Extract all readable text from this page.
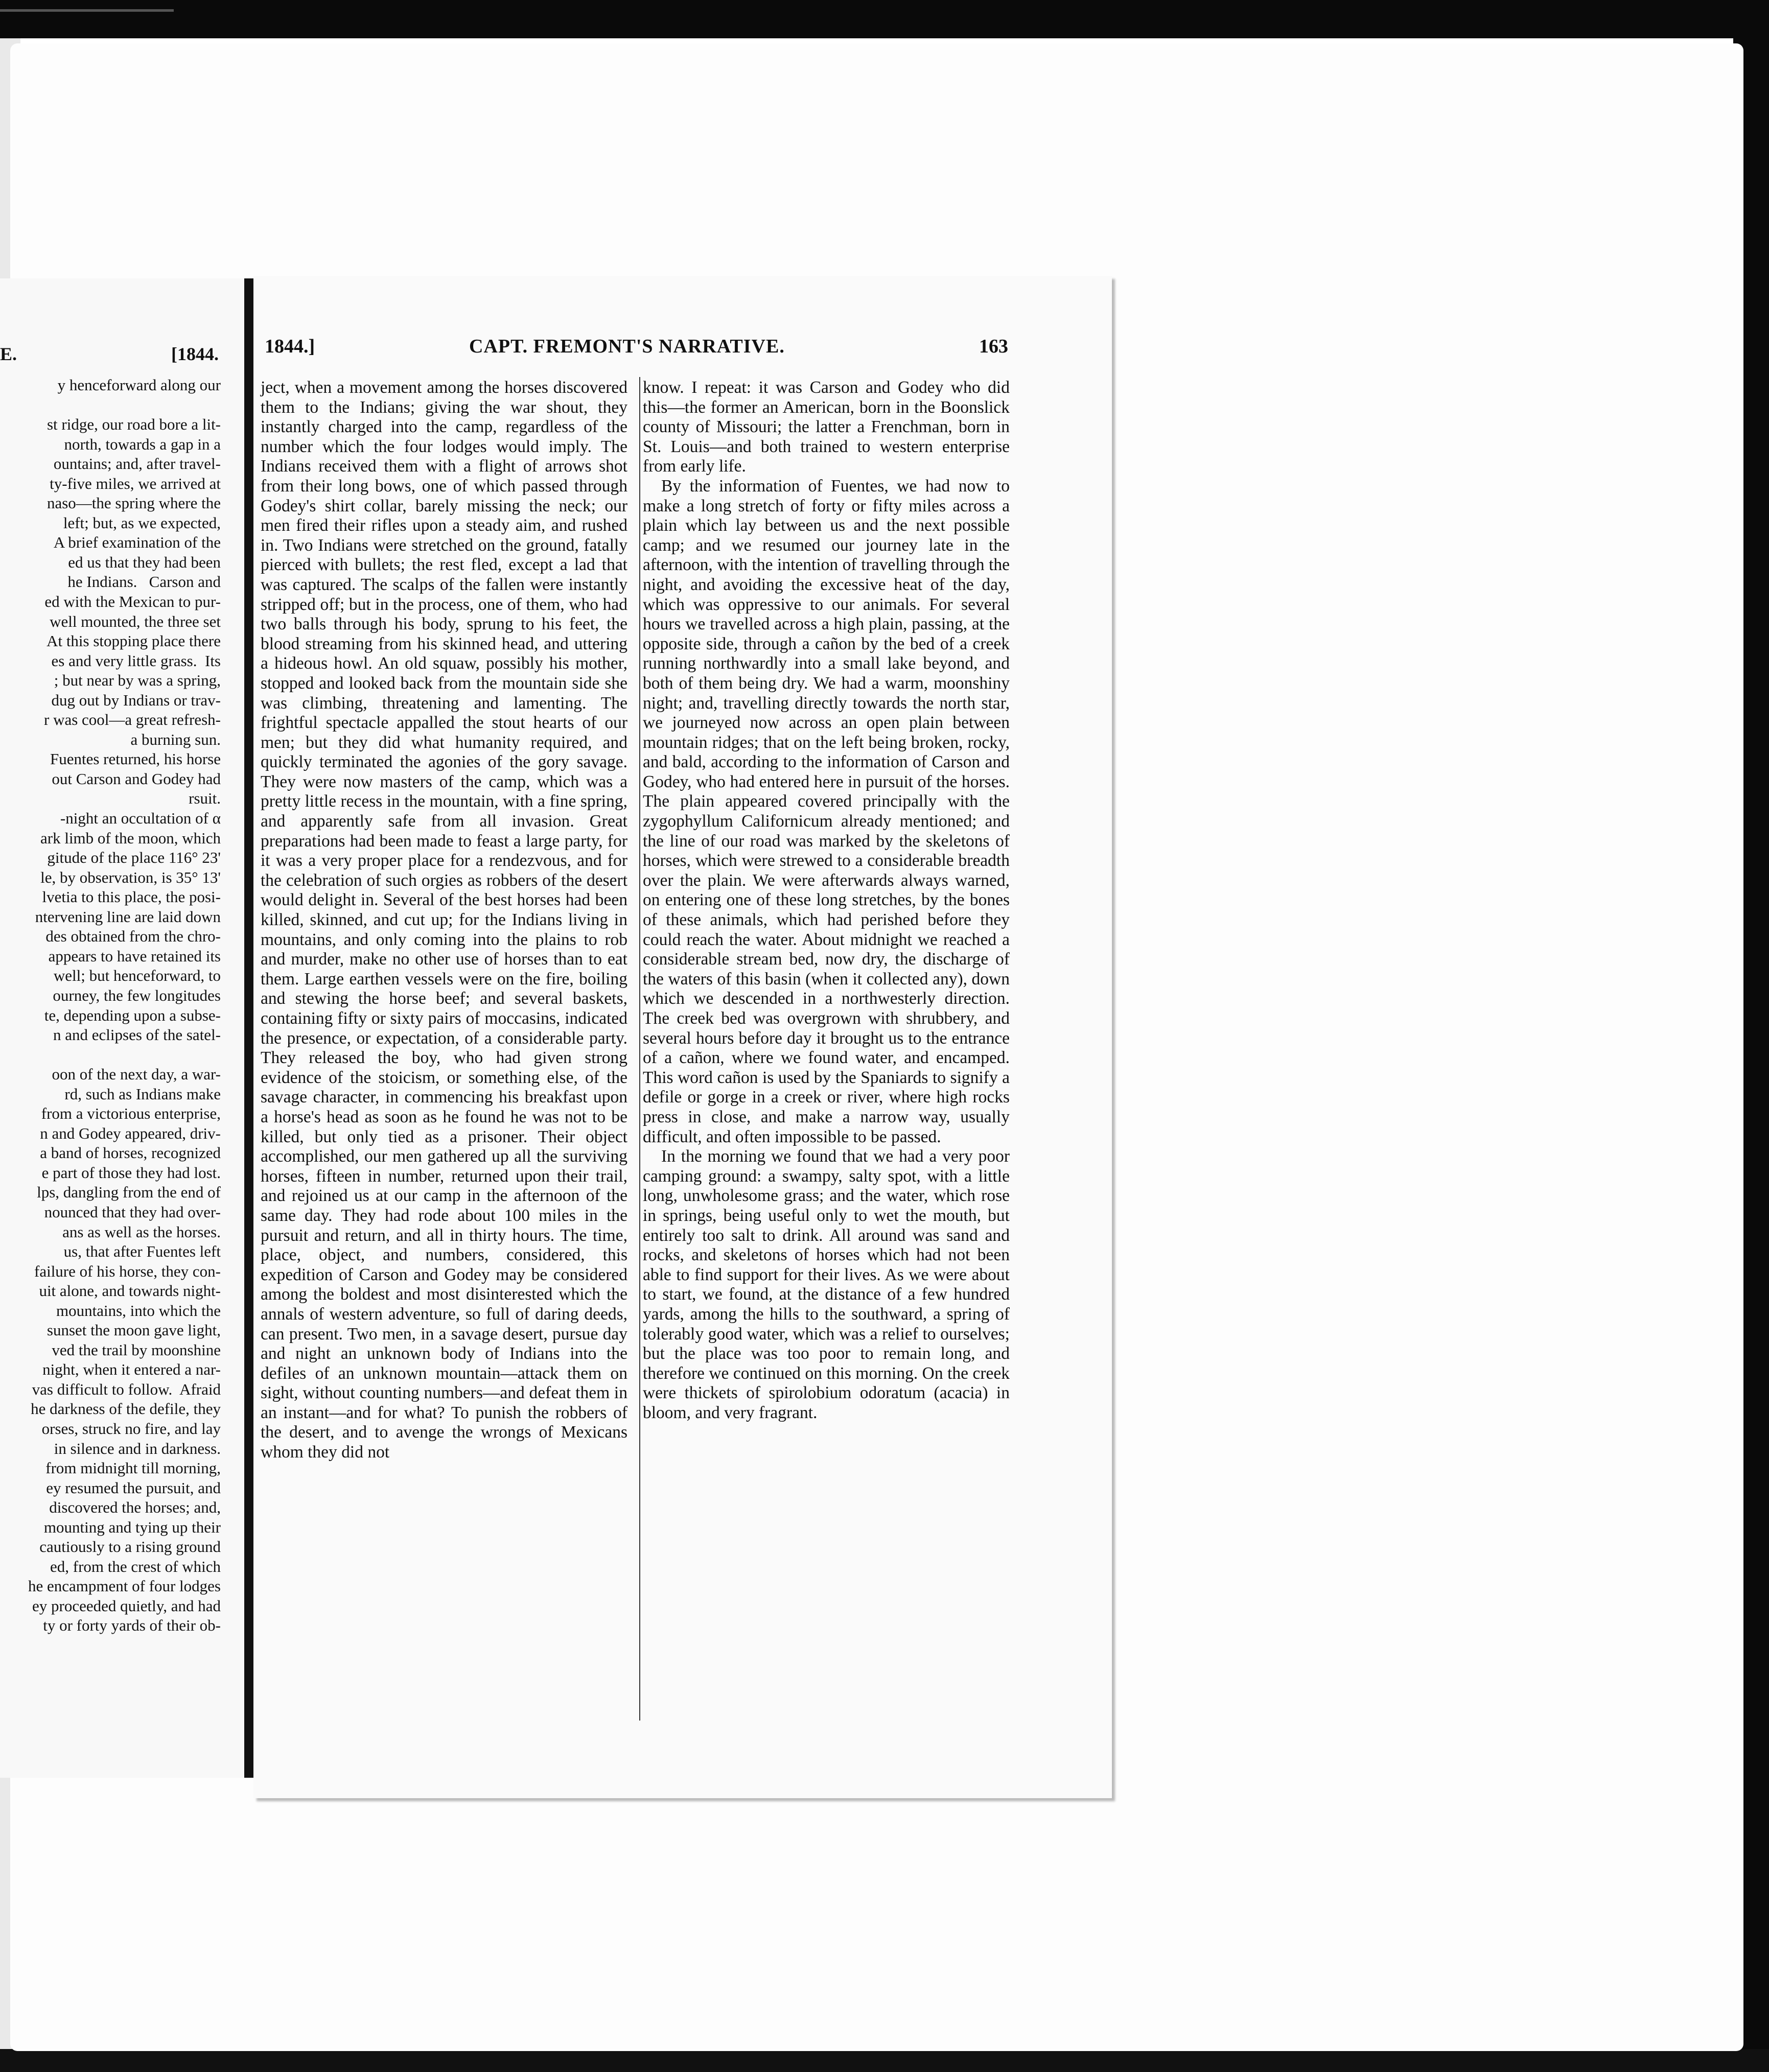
E.	[1844.
y henceforward along our

st ridge, our road bore a lit-
north, towards a gap in a
ountains; and, after travel-
ty-five miles, we arrived at
naso—the spring where the
left; but, as we expected,
A brief examination of the
ed us that they had been
he Indians.   Carson and
ed with the Mexican to pur-
well mounted, the three set
At this stopping place there
es and very little grass.  Its
; but near by was a spring,
dug out by Indians or trav-
r was cool—a great refresh-
a burning sun.
Fuentes returned, his horse
out Carson and Godey had
rsuit.
-night an occultation of α
ark limb of the moon, which
gitude of the place 116° 23'
le, by observation, is 35° 13'
lvetia to this place, the posi-
ntervening line are laid down
des obtained from the chro-
appears to have retained its
well; but henceforward, to
ourney, the few longitudes
te, depending upon a subse-
n and eclipses of the satel-

oon of the next day, a war-
rd, such as Indians make
from a victorious enterprise,
n and Godey appeared, driv-
a band of horses, recognized
e part of those they had lost.
lps, dangling from the end of
nounced that they had over-
ans as well as the horses.
us, that after Fuentes left
failure of his horse, they con-
uit alone, and towards night-
mountains, into which the
sunset the moon gave light,
ved the trail by moonshine
night, when it entered a nar-
vas difficult to follow.  Afraid
he darkness of the defile, they
orses, struck no fire, and lay
in silence and in darkness.
from midnight till morning,
ey resumed the pursuit, and
discovered the horses; and,
mounting and tying up their
cautiously to a rising ground
ed, from the crest of which
he encampment of four lodges
ey proceeded quietly, and had
ty or forty yards of their ob-
1844.]	CAPT. FREMONT'S NARRATIVE.	163

ject, when a movement among the horses discovered them to the Indians; giving the war shout, they instantly charged into the camp, regardless of the number which the four lodges would imply. The Indians received them with a flight of arrows shot from their long bows, one of which passed through Godey's shirt collar, barely missing the neck; our men fired their rifles upon a steady aim, and rushed in. Two Indians were stretched on the ground, fatally pierced with bullets; the rest fled, except a lad that was captured. The scalps of the fallen were instantly stripped off; but in the process, one of them, who had two balls through his body, sprung to his feet, the blood streaming from his skinned head, and uttering a hideous howl. An old squaw, possibly his mother, stopped and looked back from the mountain side she was climbing, threatening and lamenting. The frightful spectacle appalled the stout hearts of our men; but they did what humanity required, and quickly terminated the agonies of the gory savage. They were now masters of the camp, which was a pretty little recess in the mountain, with a fine spring, and apparently safe from all invasion. Great preparations had been made to feast a large party, for it was a very proper place for a rendezvous, and for the celebration of such orgies as robbers of the desert would delight in. Several of the best horses had been killed, skinned, and cut up; for the Indians living in mountains, and only coming into the plains to rob and murder, make no other use of horses than to eat them. Large earthen vessels were on the fire, boiling and stewing the horse beef; and several baskets, containing fifty or sixty pairs of moccasins, indicated the presence, or expectation, of a considerable party. They released the boy, who had given strong evidence of the stoicism, or something else, of the savage character, in commencing his breakfast upon a horse's head as soon as he found he was not to be killed, but only tied as a prisoner. Their object accomplished, our men gathered up all the surviving horses, fifteen in number, returned upon their trail, and rejoined us at our camp in the afternoon of the same day. They had rode about 100 miles in the pursuit and return, and all in thirty hours. The time, place, object, and numbers, considered, this expedition of Carson and Godey may be considered among the boldest and most disinterested which the annals of western adventure, so full of daring deeds, can present. Two men, in a savage desert, pursue day and night an unknown body of Indians into the defiles of an unknown mountain—attack them on sight, without counting numbers—and defeat them in an instant—and for what? To punish the robbers of the desert, and to avenge the wrongs of Mexicans whom they did not

know. I repeat: it was Carson and Godey who did this—the former an American, born in the Boonslick county of Missouri; the latter a Frenchman, born in St. Louis—and both trained to western enterprise from early life.

By the information of Fuentes, we had now to make a long stretch of forty or fifty miles across a plain which lay between us and the next possible camp; and we resumed our journey late in the afternoon, with the intention of travelling through the night, and avoiding the excessive heat of the day, which was oppressive to our animals. For several hours we travelled across a high plain, passing, at the opposite side, through a cañon by the bed of a creek running northwardly into a small lake beyond, and both of them being dry. We had a warm, moonshiny night; and, travelling directly towards the north star, we journeyed now across an open plain between mountain ridges; that on the left being broken, rocky, and bald, according to the information of Carson and Godey, who had entered here in pursuit of the horses. The plain appeared covered principally with the zygophyllum Californicum already mentioned; and the line of our road was marked by the skeletons of horses, which were strewed to a considerable breadth over the plain. We were afterwards always warned, on entering one of these long stretches, by the bones of these animals, which had perished before they could reach the water. About midnight we reached a considerable stream bed, now dry, the discharge of the waters of this basin (when it collected any), down which we descended in a northwesterly direction. The creek bed was overgrown with shrubbery, and several hours before day it brought us to the entrance of a cañon, where we found water, and encamped. This word cañon is used by the Spaniards to signify a defile or gorge in a creek or river, where high rocks press in close, and make a narrow way, usually difficult, and often impossible to be passed.

In the morning we found that we had a very poor camping ground: a swampy, salty spot, with a little long, unwholesome grass; and the water, which rose in springs, being useful only to wet the mouth, but entirely too salt to drink. All around was sand and rocks, and skeletons of horses which had not been able to find support for their lives. As we were about to start, we found, at the distance of a few hundred yards, among the hills to the southward, a spring of tolerably good water, which was a relief to ourselves; but the place was too poor to remain long, and therefore we continued on this morning. On the creek were thickets of spirolobium odoratum (acacia) in bloom, and very fragrant.
